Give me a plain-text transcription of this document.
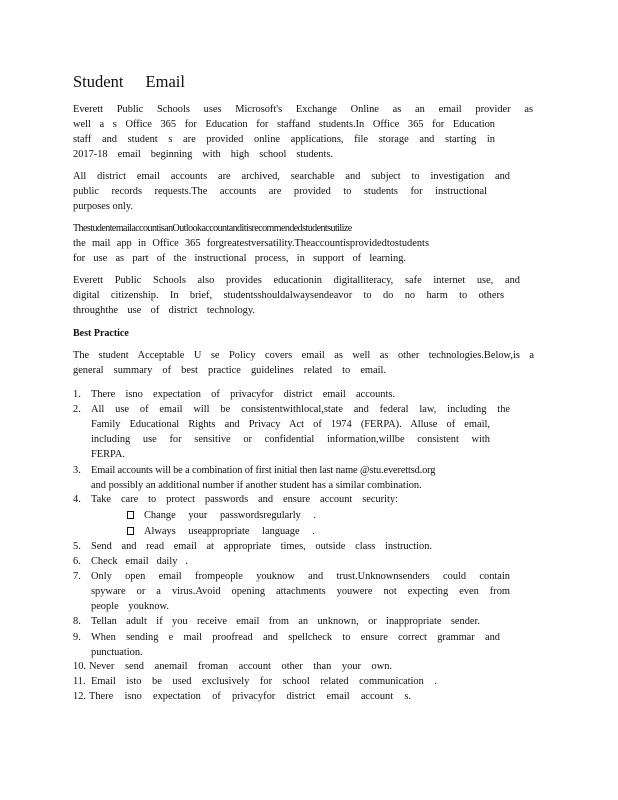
Student Email
Everett Public Schools uses Microsoft's Exchange Online as an email provider as
well a s Office 365 for Education for staffand students.In Office 365 for Education
staff and student s are provided online applications, file storage and starting in
2017-18 email beginning with high school students.
All district email accounts are archived, searchable and subject to investigation and
public records requests.The accounts are provided to students for instructional
purposes only.
ThestudentemailaccountisanOutlookaccountanditisrecommendedstudentsutilize
the mail app in Office 365 forgreatestversatility.Theaccountisprovidedtostudents
for use as part of the instructional process, in support of learning.
Everett Public Schools also provides educationin digitalliteracy, safe internet use, and
digital citizenship. In brief, studentsshouldalwaysendeavor to do no harm to others
throughthe use of district technology.
Best Practice
The student Acceptable U se Policy covers email as well as other technologies.Below,is a
general summary of best practice guidelines related to email.
1. There isno expectation of privacyfor district email accounts.
2. All use of email will be consistentwithlocal,state and federal law, including the
Family Educational Rights and Privacy Act of 1974 (FERPA). Alluse of email,
including use for sensitive or confidential information,willbe consistent with
FERPA.
3. Email accounts will be a combination of first initial then last name @stu.everettsd.org
and possibly an additional number if another student has a similar combination.
4. Take care to protect passwords and ensure account security:
Change your passwordsregularly .
Always useappropriate language .
5. Send and read email at appropriate times, outside class instruction.
6. Check email daily .
7. Only open email frompeople youknow and trust.Unknownsenders could contain
spyware or a virus.Avoid opening attachments youwere not expecting even from
people youknow.
8. Tellan adult if you receive email from an unknown, or inappropriate sender.
9. When sending e mail proofread and spellcheck to ensure correct grammar and
punctuation.
10. Never send anemail froman account other than your own.
11. Email isto be used exclusively for school related communication .
12. There isno expectation of privacyfor district email account s.
